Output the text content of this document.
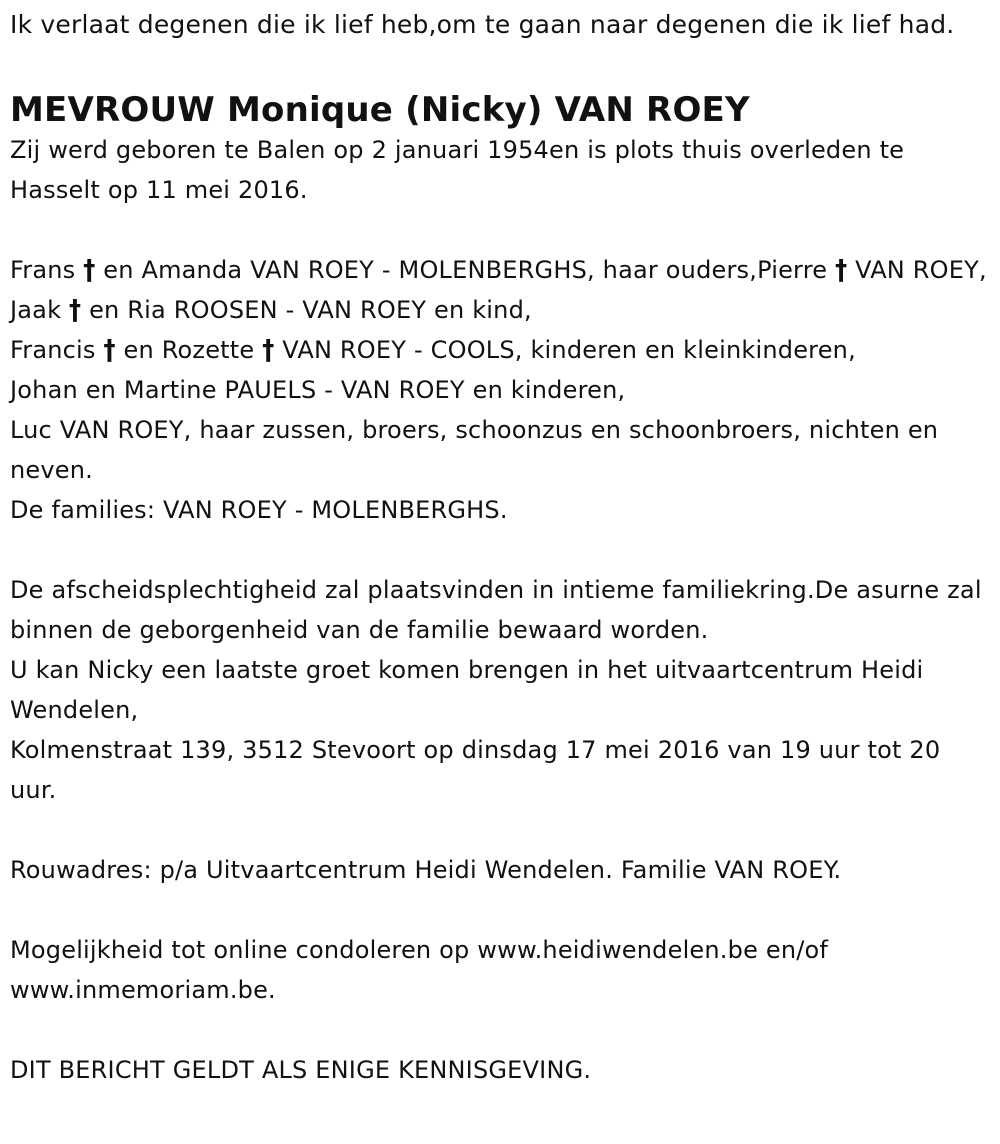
Ik verlaat degenen die ik lief heb,om te gaan naar degenen die ik lief had.
MEVROUW Monique (Nicky) VAN ROEY

Zij werd geboren te Balen op 2 januari 1954en is plots thuis overleden te Hasselt op 11 mei 2016.

Frans † en Amanda VAN ROEY - MOLENBERGHS, haar ouders,Pierre † VAN ROEY,
Jaak † en Ria ROOSEN - VAN ROEY en kind,
Francis † en Rozette † VAN ROEY - COOLS, kinderen en kleinkinderen,
Johan en Martine PAUELS - VAN ROEY en kinderen,
Luc VAN ROEY, haar zussen, broers, schoonzus en schoonbroers, nichten en neven.
De families: VAN ROEY - MOLENBERGHS.
De afscheidsplechtigheid zal plaatsvinden in intieme familiekring.De asurne zal binnen de geborgenheid van de familie bewaard worden.
U kan Nicky een laatste groet komen brengen in het uitvaartcentrum Heidi Wendelen,
Kolmenstraat 139, 3512 Stevoort op dinsdag 17 mei 2016 van 19 uur tot 20 uur.

Rouwadres: p/a Uitvaartcentrum Heidi Wendelen. Familie VAN ROEY.

Mogelijkheid tot online condoleren op www.heidiwendelen.be en/of www.inmemoriam.be.

DIT BERICHT GELDT ALS ENIGE KENNISGEVING.
